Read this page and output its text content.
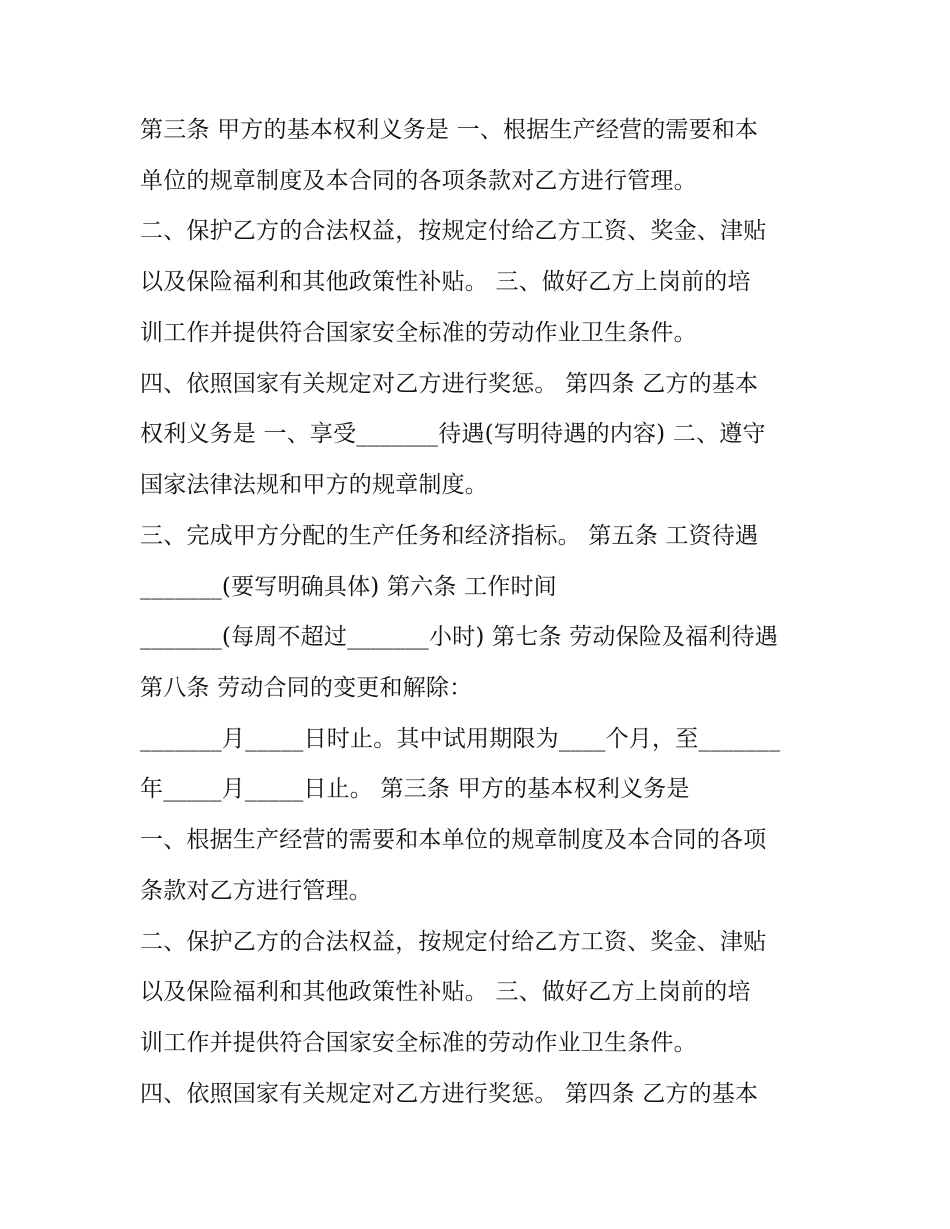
第三条 甲方的基本权利义务是 一、根据生产经营的需要和本
单位的规章制度及本合同的各项条款对乙方进行管理。
二、保护乙方的合法权益，按规定付给乙方工资、奖金、津贴
以及保险福利和其他政策性补贴。 三、做好乙方上岗前的培
训工作并提供符合国家安全标准的劳动作业卫生条件。
四、依照国家有关规定对乙方进行奖惩。 第四条 乙方的基本
权利义务是 一、享受_______待遇(写明待遇的内容) 二、遵守
国家法律法规和甲方的规章制度。
三、完成甲方分配的生产任务和经济指标。 第五条 工资待遇
_______(要写明确具体) 第六条 工作时间
_______(每周不超过_______小时) 第七条 劳动保险及福利待遇
第八条 劳动合同的变更和解除：
_______月_____日时止。其中试用期限为____个月，至_______
年_____月_____日止。 第三条 甲方的基本权利义务是
一、根据生产经营的需要和本单位的规章制度及本合同的各项
条款对乙方进行管理。
二、保护乙方的合法权益，按规定付给乙方工资、奖金、津贴
以及保险福利和其他政策性补贴。 三、做好乙方上岗前的培
训工作并提供符合国家安全标准的劳动作业卫生条件。
四、依照国家有关规定对乙方进行奖惩。 第四条 乙方的基本
